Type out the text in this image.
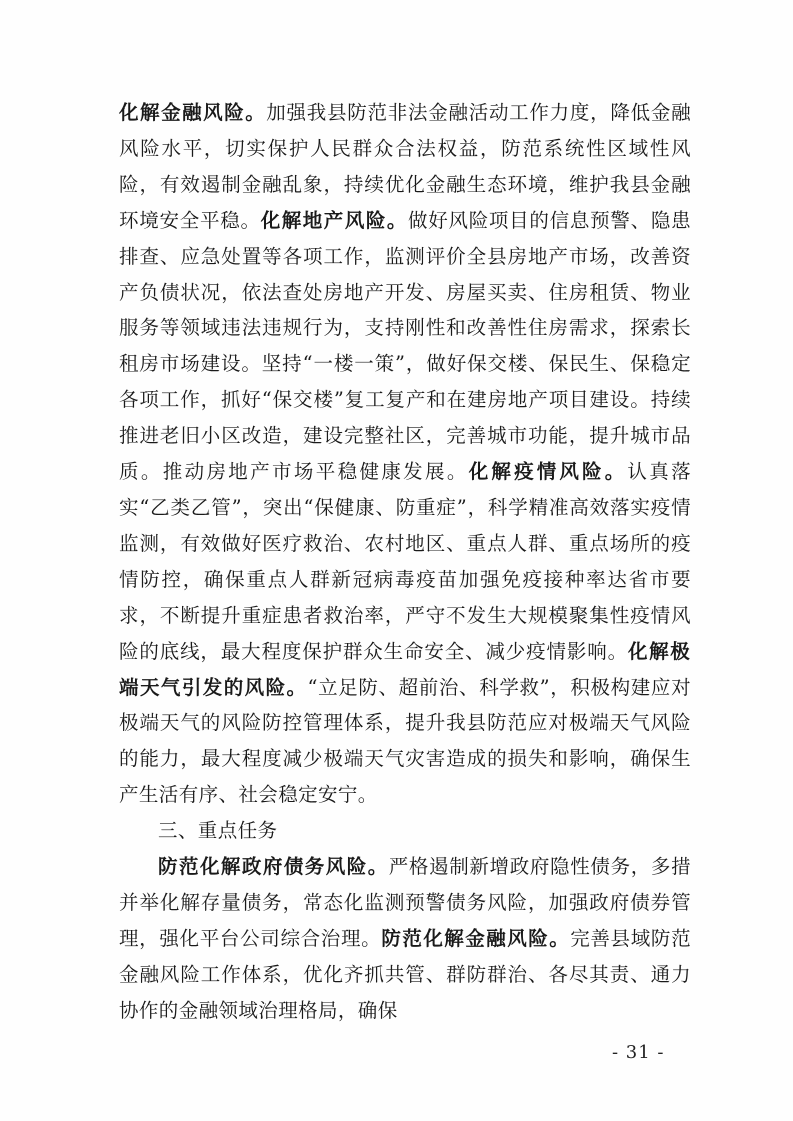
化解金融风险。加强我县防范非法金融活动工作力度，降低金融风险水平，切实保护人民群众合法权益，防范系统性区域性风险，有效遏制金融乱象，持续优化金融生态环境，维护我县金融环境安全平稳。化解地产风险。做好风险项目的信息预警、隐患排查、应急处置等各项工作，监测评价全县房地产市场，改善资产负债状况，依法查处房地产开发、房屋买卖、住房租赁、物业服务等领域违法违规行为，支持刚性和改善性住房需求，探索长租房市场建设。坚持“一楼一策”，做好保交楼、保民生、保稳定各项工作，抓好“保交楼”复工复产和在建房地产项目建设。持续推进老旧小区改造，建设完整社区，完善城市功能，提升城市品质。推动房地产市场平稳健康发展。化解疫情风险。认真落实“乙类乙管”，突出“保健康、防重症”，科学精准高效落实疫情监测，有效做好医疗救治、农村地区、重点人群、重点场所的疫情防控，确保重点人群新冠病毒疫苗加强免疫接种率达省市要求，不断提升重症患者救治率，严守不发生大规模聚集性疫情风险的底线，最大程度保护群众生命安全、减少疫情影响。化解极端天气引发的风险。“立足防、超前治、科学救”，积极构建应对极端天气的风险防控管理体系，提升我县防范应对极端天气风险的能力，最大程度减少极端天气灾害造成的损失和影响，确保生产生活有序、社会稳定安宁。

三、重点任务

防范化解政府债务风险。严格遏制新增政府隐性债务，多措并举化解存量债务，常态化监测预警债务风险，加强政府债券管理，强化平台公司综合治理。防范化解金融风险。完善县域防范金融风险工作体系，优化齐抓共管、群防群治、各尽其责、通力协作的金融领域治理格局，确保

- 31 -
